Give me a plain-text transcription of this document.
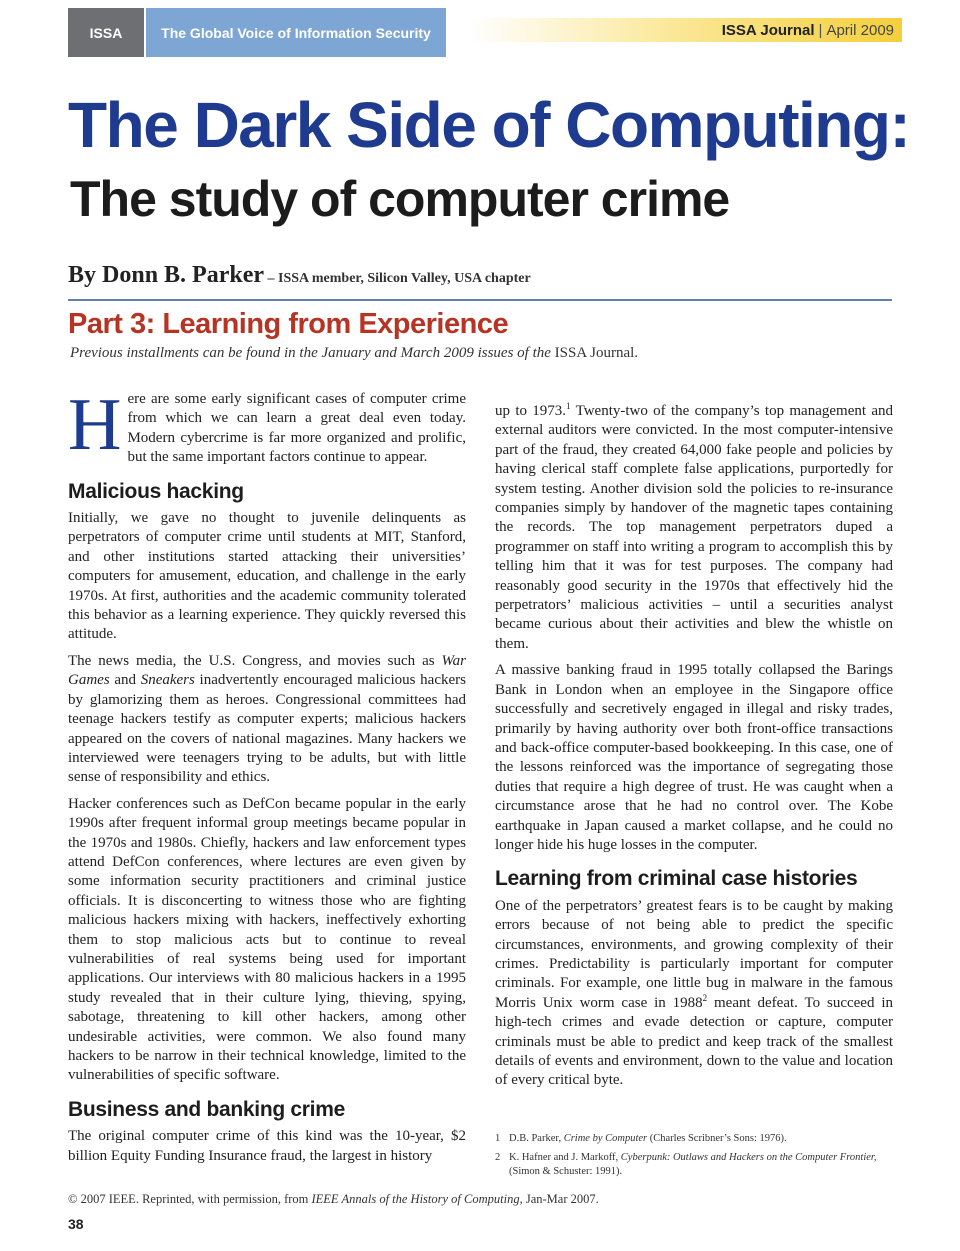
ISSA	The Global Voice of Information Security	ISSA Journal | April 2009
The Dark Side of Computing:
The study of computer crime
By Donn B. Parker – ISSA member, Silicon Valley, USA chapter
Part 3: Learning from Experience
Previous installments can be found in the January and March 2009 issues of the ISSA Journal.

Here are some early significant cases of computer crime from which we can learn a great deal even today. Modern cybercrime is far more organized and prolific, but the same important factors continue to appear.

Malicious hacking

Initially, we gave no thought to juvenile delinquents as perpetrators of computer crime until students at MIT, Stanford, and other institutions started attacking their universities’ computers for amusement, education, and challenge in the early 1970s. At first, authorities and the academic community tolerated this behavior as a learning experience. They quickly reversed this attitude.

The news media, the U.S. Congress, and movies such as War Games and Sneakers inadvertently encouraged malicious hackers by glamorizing them as heroes. Congressional committees had teenage hackers testify as computer experts; malicious hackers appeared on the covers of national magazines. Many hackers we interviewed were teenagers trying to be adults, but with little sense of responsibility and ethics.

Hacker conferences such as DefCon became popular in the early 1990s after frequent informal group meetings became popular in the 1970s and 1980s. Chiefly, hackers and law enforcement types attend DefCon conferences, where lectures are even given by some information security practitioners and criminal justice officials. It is disconcerting to witness those who are fighting malicious hackers mixing with hackers, ineffectively exhorting them to stop malicious acts but to continue to reveal vulnerabilities of real systems being used for important applications. Our interviews with 80 malicious hackers in a 1995 study revealed that in their culture lying, thieving, spying, sabotage, threatening to kill other hackers, among other undesirable activities, were common. We also found many hackers to be narrow in their technical knowledge, limited to the vulnerabilities of specific software.

Business and banking crime

The original computer crime of this kind was the 10-year, $2 billion Equity Funding Insurance fraud, the largest in history

up to 1973.$^1$ Twenty-two of the company’s top management and external auditors were convicted. In the most computer-intensive part of the fraud, they created 64,000 fake people and policies by having clerical staff complete false applications, purportedly for system testing. Another division sold the policies to re-insurance companies simply by handover of the magnetic tapes containing the records. The top management perpetrators duped a programmer on staff into writing a program to accomplish this by telling him that it was for test purposes. The company had reasonably good security in the 1970s that effectively hid the perpetrators’ malicious activities – until a securities analyst became curious about their activities and blew the whistle on them.

A massive banking fraud in 1995 totally collapsed the Barings Bank in London when an employee in the Singapore office successfully and secretively engaged in illegal and risky trades, primarily by having authority over both front-office transactions and back-office computer-based bookkeeping. In this case, one of the lessons reinforced was the importance of segregating those duties that require a high degree of trust. He was caught when a circumstance arose that he had no control over. The Kobe earthquake in Japan caused a market collapse, and he could no longer hide his huge losses in the computer.

Learning from criminal case histories

One of the perpetrators’ greatest fears is to be caught by making errors because of not being able to predict the specific circumstances, environments, and growing complexity of their crimes. Predictability is particularly important for computer criminals. For example, one little bug in malware in the famous Morris Unix worm case in 1988$^2$ meant defeat. To succeed in high-tech crimes and evade detection or capture, computer criminals must be able to predict and keep track of the smallest details of events and environment, down to the value and location of every critical byte.

1 D.B. Parker, Crime by Computer (Charles Scribner’s Sons: 1976).
2 K. Hafner and J. Markoff, Cyberpunk: Outlaws and Hackers on the Computer Frontier, (Simon & Schuster: 1991).
© 2007 IEEE. Reprinted, with permission, from IEEE Annals of the History of Computing, Jan-Mar 2007.
38
